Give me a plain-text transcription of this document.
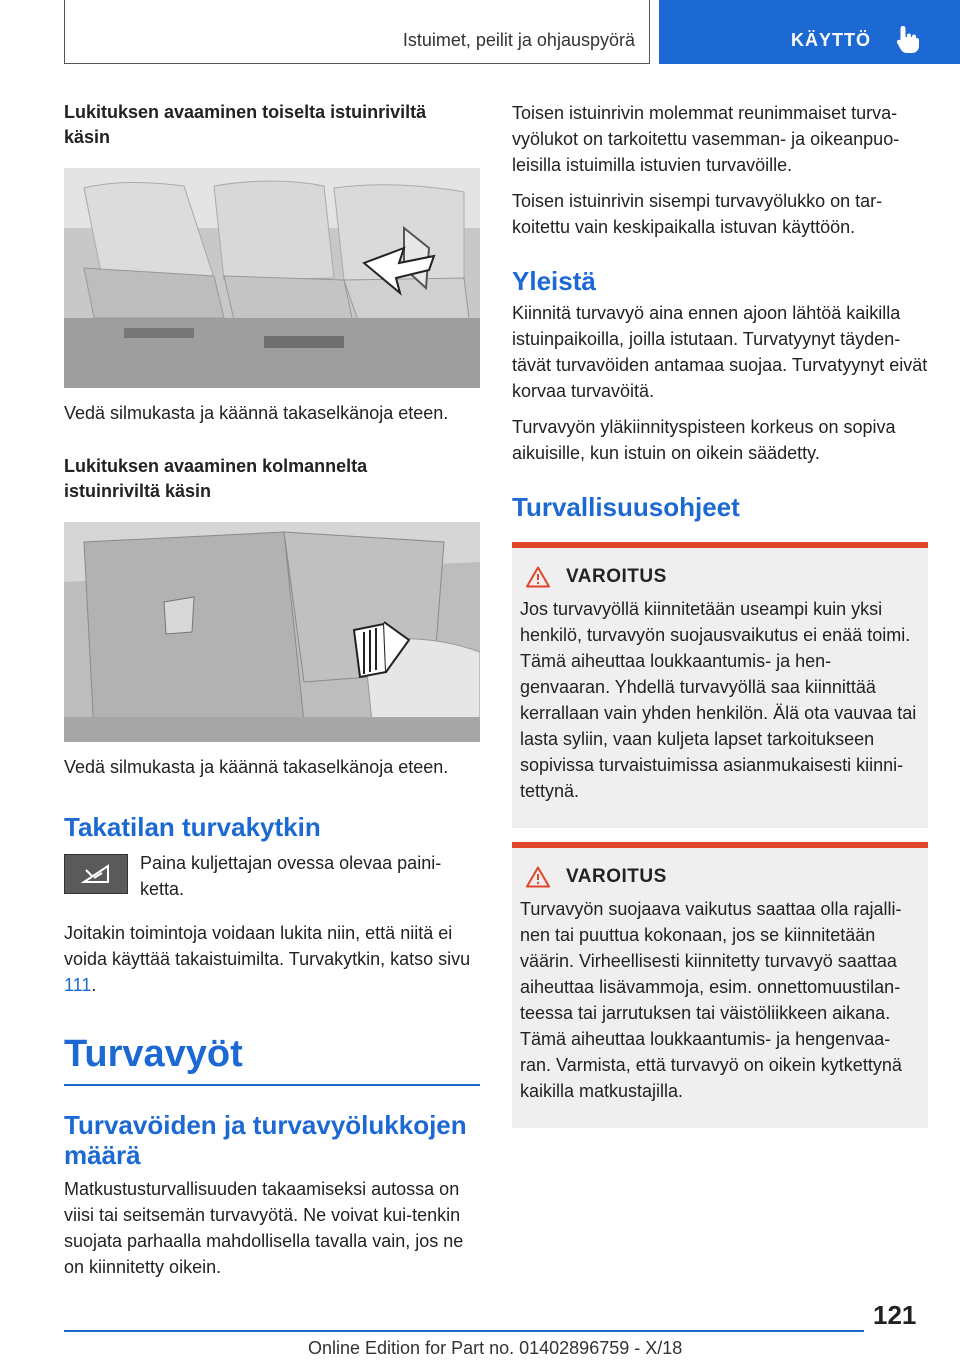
Istuimet, peilit ja ohjauspyörä	KÄYTTÖ
Lukituksen avaaminen toiselta istuinriviltä käsin
Vedä silmukasta ja käännä takaselkänoja eteen.
Lukituksen avaaminen kolmannelta istuinriviltä käsin
Vedä silmukasta ja käännä takaselkänoja eteen.
Takatilan turvakytkin
Paina kuljettajan ovessa olevaa paini-ketta.
Joitakin toimintoja voidaan lukita niin, että niitä ei voida käyttää takaistuimilta. Turvakytkin, katso sivu 111.
Turvavyöt
Turvavöiden ja turvavyölukkojen määrä
Matkustusturvallisuuden takaamiseksi autossa on viisi tai seitsemän turvavyötä. Ne voivat kui-tenkin suojata parhaalla mahdollisella tavalla vain, jos ne on kiinnitetty oikein.
Toisen istuinrivin molemmat reunimmaiset turva-vyölukot on tarkoitettu vasemman- ja oikeanpuo-leisilla istuimilla istuvien turvavöille.
Toisen istuinrivin sisempi turvavyölukko on tar-koitettu vain keskipaikalla istuvan käyttöön.
Yleistä
Kiinnitä turvavyö aina ennen ajoon lähtöä kaikilla istuinpaikoilla, joilla istutaan. Turvatyynyt täyden-tävät turvavöiden antamaa suojaa. Turvatyynyt eivät korvaa turvavöitä.
Turvavyön yläkiinnityspisteen korkeus on sopiva aikuisille, kun istuin on oikein säädetty.
Turvallisuusohjeet
VAROITUS
Jos turvavyöllä kiinnitetään useampi kuin yksi henkilö, turvavyön suojausvaikutus ei enää toimi. Tämä aiheuttaa loukkaantumis- ja hen-genvaaran. Yhdellä turvavyöllä saa kiinnittää kerrallaan vain yhden henkilön. Älä ota vauvaa tai lasta syliin, vaan kuljeta lapset tarkoitukseen sopivissa turvaistuimissa asianmukaisesti kiinni-tettynä.
VAROITUS
Turvavyön suojaava vaikutus saattaa olla rajalli-nen tai puuttua kokonaan, jos se kiinnitetään väärin. Virheellisesti kiinnitetty turvavyö saattaa aiheuttaa lisävammoja, esim. onnettomuustilan-teessa tai jarrutuksen tai väistöliikkeen aikana. Tämä aiheuttaa loukkaantumis- ja hengenvaa-ran. Varmista, että turvavyö on oikein kytkettynä kaikilla matkustajilla.
121
Online Edition for Part no. 01402896759 - X/18
